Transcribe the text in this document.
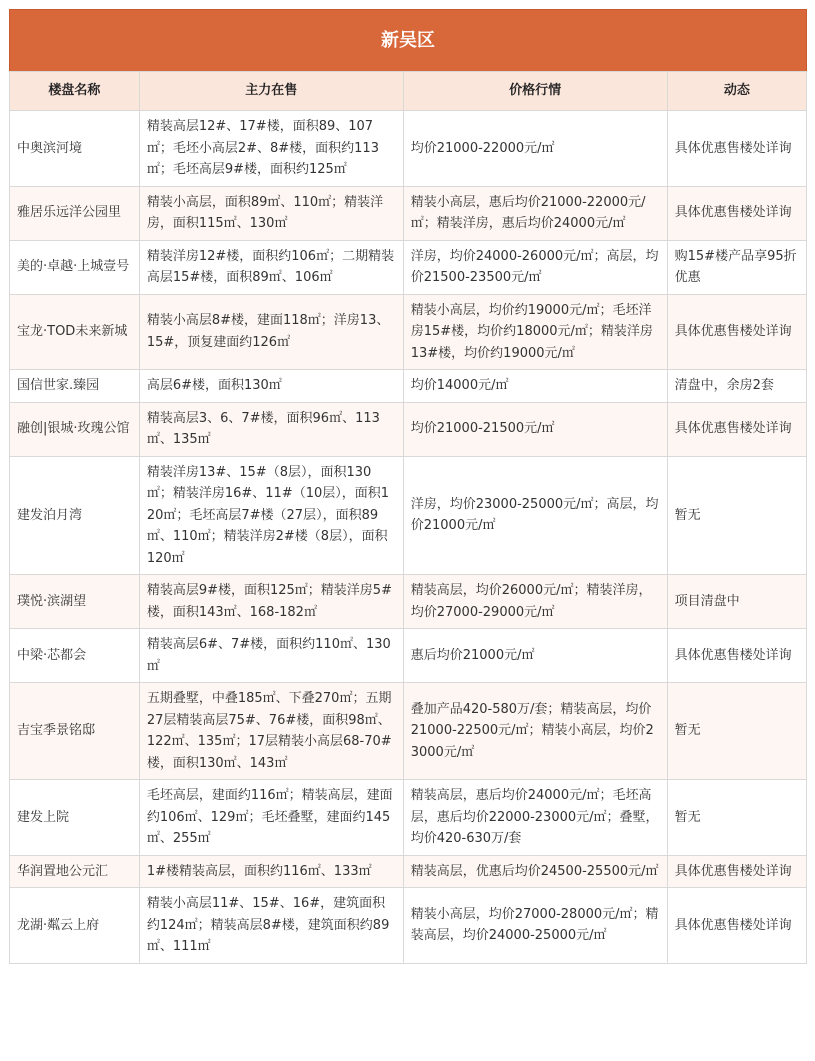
新吴区
楼盘名称	主力在售	价格行情	动态
中奥滨河境	精装高层12#、17#楼，面积89、107㎡；毛坯小高层2#、8#楼，面积约113㎡；毛坯高层9#楼，面积约125㎡	均价21000-22000元/㎡	具体优惠售楼处详询
雅居乐远洋公园里	精装小高层，面积89㎡、110㎡；精装洋房，面积115㎡、130㎡	精装小高层，惠后均价21000-22000元/㎡；精装洋房，惠后均价24000元/㎡	具体优惠售楼处详询
美的·卓越·上城壹号	精装洋房12#楼，面积约106㎡；二期精装高层15#楼，面积89㎡、106㎡	洋房，均价24000-26000元/㎡；高层，均价21500-23500元/㎡	购15#楼产品享95折优惠
宝龙·TOD未来新城	精装小高层8#楼，建面118㎡；洋房13、15#，顶复建面约126㎡	精装小高层，均价约19000元/㎡；毛坯洋房15#楼，均价约18000元/㎡；精装洋房13#楼，均价约19000元/㎡	具体优惠售楼处详询
国信世家.臻园	高层6#楼，面积130㎡	均价14000元/㎡	清盘中，余房2套
融创|银城·玫瑰公馆	精装高层3、6、7#楼，面积96㎡、113㎡、135㎡	均价21000-21500元/㎡	具体优惠售楼处详询
建发泊月湾	精装洋房13#、15#（8层），面积130㎡；精装洋房16#、11#（10层），面积120㎡；毛坯高层7#楼（27层），面积89㎡、110㎡；精装洋房2#楼（8层），面积120㎡	洋房，均价23000-25000元/㎡；高层，均价21000元/㎡	暂无
璞悦·滨湖望	精装高层9#楼，面积125㎡；精装洋房5#楼，面积143㎡、168-182㎡	精装高层，均价26000元/㎡；精装洋房，均价27000-29000元/㎡	项目清盘中
中梁·芯都会	精装高层6#、7#楼，面积约110㎡、130㎡	惠后均价21000元/㎡	具体优惠售楼处详询
吉宝季景铭邸	五期叠墅，中叠185㎡、下叠270㎡；五期27层精装高层75#、76#楼，面积98㎡、122㎡、135㎡；17层精装小高层68-70#楼，面积130㎡、143㎡	叠加产品420-580万/套；精装高层，均价21000-22500元/㎡；精装小高层，均价23000元/㎡	暂无
建发上院	毛坯高层，建面约116㎡；精装高层，建面约106㎡、129㎡；毛坯叠墅，建面约145㎡、255㎡	精装高层，惠后均价24000元/㎡；毛坯高层，惠后均价22000-23000元/㎡；叠墅，均价420-630万/套	暂无
华润置地公元汇	1#楼精装高层，面积约116㎡、133㎡	精装高层，优惠后均价24500-25500元/㎡	具体优惠售楼处详询
龙湖·粼云上府	精装小高层11#、15#、16#，建筑面积约124㎡；精装高层8#楼，建筑面积约89㎡、111㎡	精装小高层，均价27000-28000元/㎡；精装高层，均价24000-25000元/㎡	具体优惠售楼处详询
